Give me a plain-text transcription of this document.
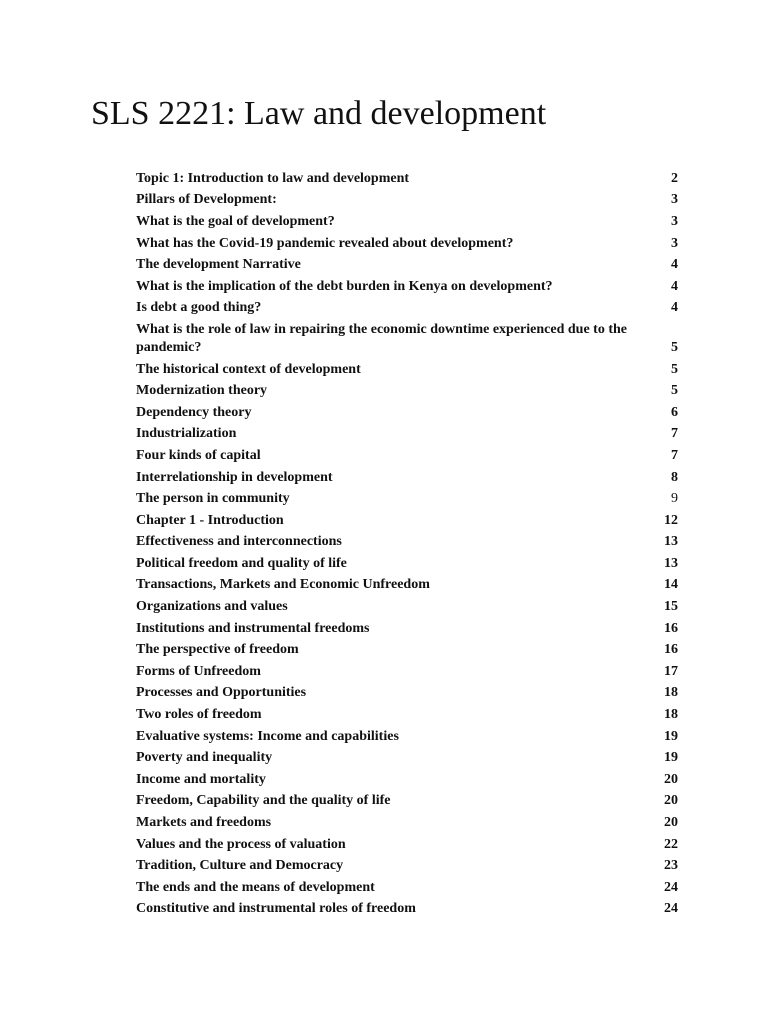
SLS 2221: Law and development
Topic 1: Introduction to law and development	2
Pillars of Development:	3
What is the goal of development?	3
What has the Covid-19 pandemic revealed about development?	3
The development Narrative	4
What is the implication of the debt burden in Kenya on development?	4
Is debt a good thing?	4
What is the role of law in repairing the economic downtime experienced due to the pandemic?	5
The historical context of development	5
Modernization theory	5
Dependency theory	6
Industrialization	7
Four kinds of capital	7
Interrelationship in development	8
The person in community	9
Chapter 1 - Introduction	12
Effectiveness and interconnections	13
Political freedom and quality of life	13
Transactions, Markets and Economic Unfreedom	14
Organizations and values	15
Institutions and instrumental freedoms	16
The perspective of freedom	16
Forms of Unfreedom	17
Processes and Opportunities	18
Two roles of freedom	18
Evaluative systems: Income and capabilities	19
Poverty and inequality	19
Income and mortality	20
Freedom, Capability and the quality of life	20
Markets and freedoms	20
Values and the process of valuation	22
Tradition, Culture and Democracy	23
The ends and the means of development	24
Constitutive and instrumental roles of freedom	24
